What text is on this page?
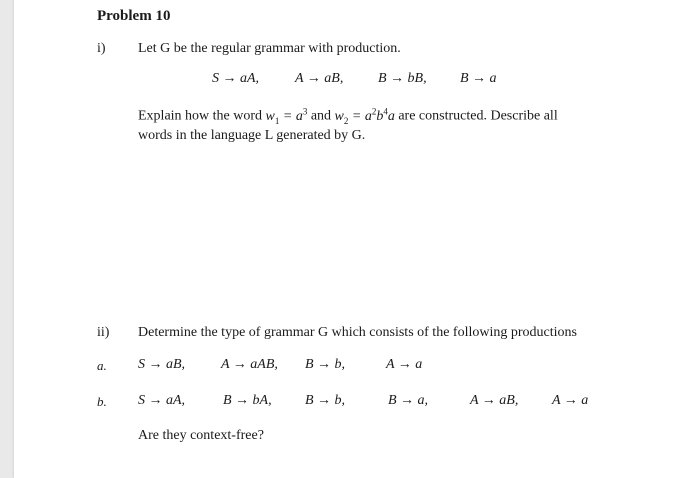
Problem 10
i) Let G be the regular grammar with production.
S → aA,	A → aB, B → bB, B → a
Explain how the word $w_1 = a^3$ and $w_2 = a^2b^4a$ are constructed. Describe all
words in the language L generated by G.
ii) Determine the type of grammar G which consists of the following productions
a. S → aB,	A → aAB, B → b,	A → a
b. S → aA,	B → bA, B → b,	B → a,	A → aB, A → a
Are they context-free?
